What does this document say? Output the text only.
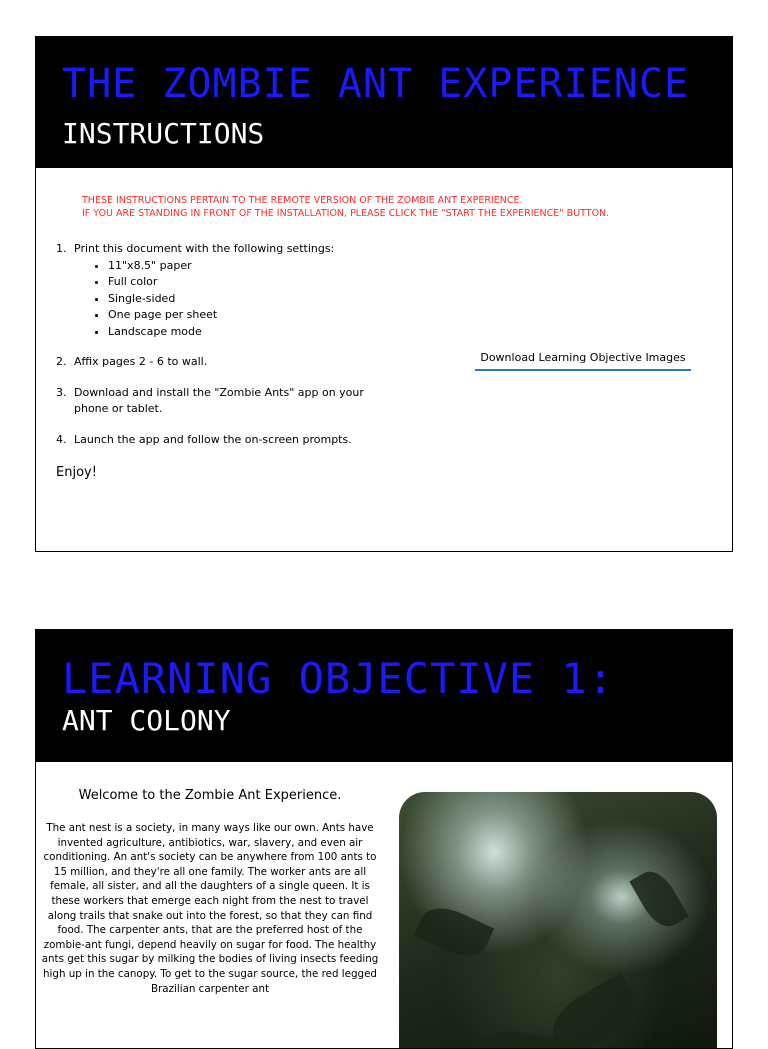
THE ZOMBIE ANT EXPERIENCE
INSTRUCTIONS
THESE INSTRUCTIONS PERTAIN TO THE REMOTE VERSION OF THE ZOMBIE ANT EXPERIENCE.
IF YOU ARE STANDING IN FRONT OF THE INSTALLATION, PLEASE CLICK THE "START THE EXPERIENCE" BUTTON.
1. Print this document with the following settings:
• 11"x8.5" paper
• Full color
• Single-sided
• One page per sheet
• Landscape mode
2. Affix pages 2 - 6 to wall.
3. Download and install the "Zombie Ants" app on your phone or tablet.
4. Launch the app and follow the on-screen prompts.
Enjoy!
Download Learning Objective Images
LEARNING OBJECTIVE 1:
ANT COLONY
Welcome to the Zombie Ant Experience.
The ant nest is a society, in many ways like our own. Ants have invented agriculture, antibiotics, war, slavery, and even air conditioning. An ant's society can be anywhere from 100 ants to 15 million, and they're all one family. The worker ants are all female, all sister, and all the daughters of a single queen. It is these workers that emerge each night from the nest to travel along trails that snake out into the forest, so that they can find food. The carpenter ants, that are the preferred host of the zombie-ant fungi, depend heavily on sugar for food. The healthy ants get this sugar by milking the bodies of living insects feeding high up in the canopy. To get to the sugar source, the red legged Brazilian carpenter ant
